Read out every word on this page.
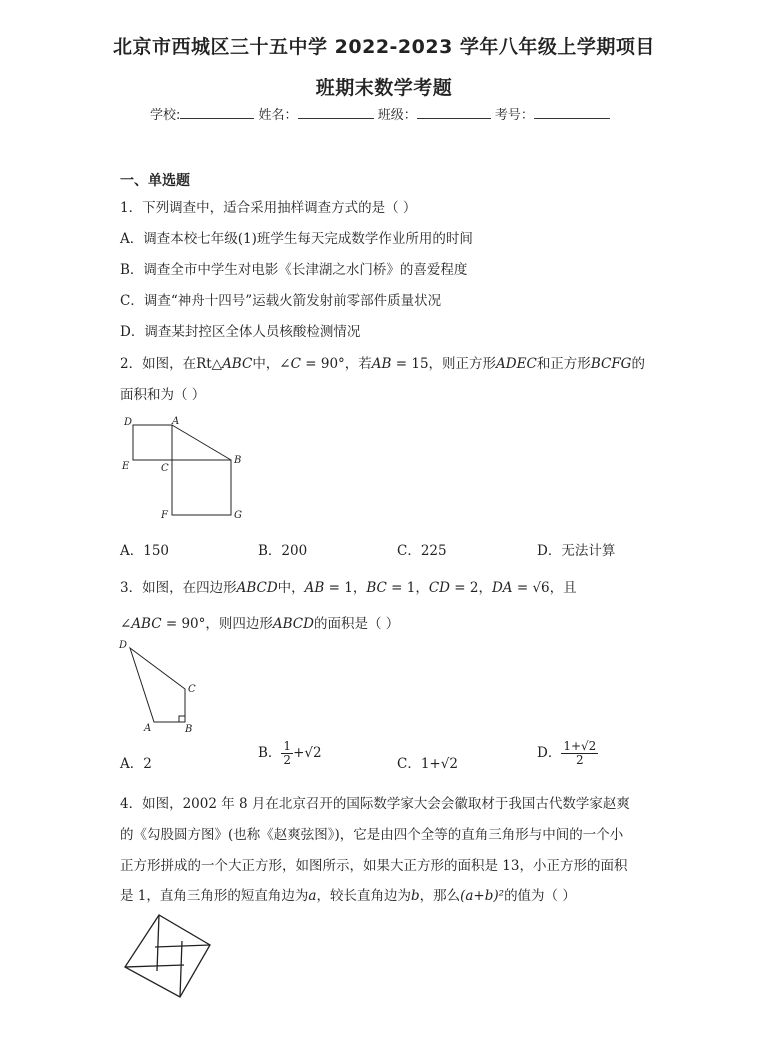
北京市西城区三十五中学 2022-2023 学年八年级上学期项目
班期末数学考题
学校:	姓名：	班级：	考号：
一、单选题
1．下列调查中，适合采用抽样调查方式的是（ ）
A．调查本校七年级(1)班学生每天完成数学作业所用的时间
B．调查全市中学生对电影《长津湖之水门桥》的喜爱程度
C．调查“神舟十四号”运载火箭发射前零部件质量状况
D．调查某封控区全体人员核酸检测情况
2．如图，在Rt△ABC中，∠C = 90°，若AB = 15，则正方形ADEC和正方形BCFG的
面积和为（ ）
D	A
E	C
B
F	G
A．150	B．200	C．225	D．无法计算
3．如图，在四边形ABCD中，AB = 1，BC = 1，CD = 2，DA = √6，且
∠ABC = 90°，则四边形ABCD的面积是（ ）
D
C
A	B
A．2
B． $\frac{1}{2} +√2$
C．1+√2
D． $\frac{1+√2}{2}$
4．如图，2002 年 8 月在北京召开的国际数学家大会会徽取材于我国古代数学家赵爽
的《勾股圆方图》(也称《赵爽弦图》)，它是由四个全等的直角三角形与中间的一个小
正方形拼成的一个大正方形，如图所示，如果大正方形的面积是 13，小正方形的面积
是 1，直角三角形的短直角边为a，较长直角边为b，那么(a+b)²的值为（ ）
